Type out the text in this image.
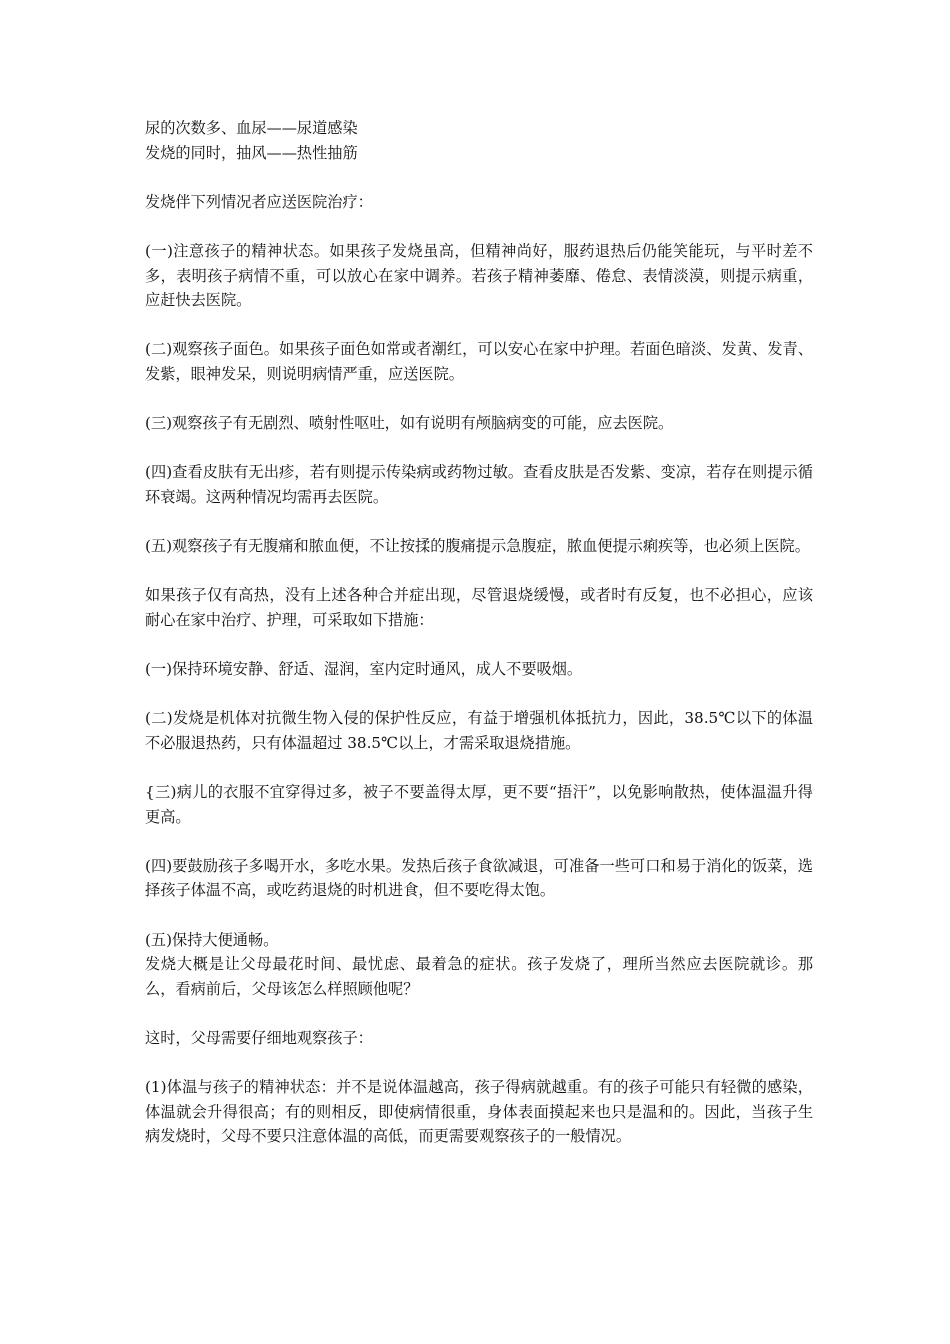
尿的次数多、血尿——尿道感染

发烧的同时，抽风——热性抽筋

发烧伴下列情况者应送医院治疗：

(一)注意孩子的精神状态。如果孩子发烧虽高，但精神尚好，服药退热后仍能笑能玩，与平时差不多，表明孩子病情不重，可以放心在家中调养。若孩子精神萎靡、倦怠、表情淡漠，则提示病重，应赶快去医院。

(二)观察孩子面色。如果孩子面色如常或者潮红，可以安心在家中护理。若面色暗淡、发黄、发青、发紫，眼神发呆，则说明病情严重，应送医院。

(三)观察孩子有无剧烈、喷射性呕吐，如有说明有颅脑病变的可能，应去医院。

(四)查看皮肤有无出疹，若有则提示传染病或药物过敏。查看皮肤是否发紫、变凉，若存在则提示循环衰竭。这两种情况均需再去医院。

(五)观察孩子有无腹痛和脓血便，不让按揉的腹痛提示急腹症，脓血便提示痢疾等，也必须上医院。

如果孩子仅有高热，没有上述各种合并症出现，尽管退烧缓慢，或者时有反复，也不必担心，应该耐心在家中治疗、护理，可采取如下措施：

(一)保持环境安静、舒适、湿润，室内定时通风，成人不要吸烟。

(二)发烧是机体对抗微生物入侵的保护性反应，有益于增强机体抵抗力，因此，38.5℃以下的体温不必服退热药，只有体温超过 38.5℃以上，才需采取退烧措施。

{三)病儿的衣服不宜穿得过多，被子不要盖得太厚，更不要“捂汗”，以免影响散热，使体温温升得更高。

(四)要鼓励孩子多喝开水，多吃水果。发热后孩子食欲减退，可准备一些可口和易于消化的饭菜，选择孩子体温不高，或吃药退烧的时机进食，但不要吃得太饱。

(五)保持大便通畅。

发烧大概是让父母最花时间、最忧虑、最着急的症状。孩子发烧了，理所当然应去医院就诊。那么，看病前后，父母该怎么样照顾他呢？

这时，父母需要仔细地观察孩子：

(1)体温与孩子的精神状态：并不是说体温越高，孩子得病就越重。有的孩子可能只有轻微的感染，体温就会升得很高；有的则相反，即使病情很重，身体表面摸起来也只是温和的。因此，当孩子生病发烧时，父母不要只注意体温的高低，而更需要观察孩子的一般情况。
